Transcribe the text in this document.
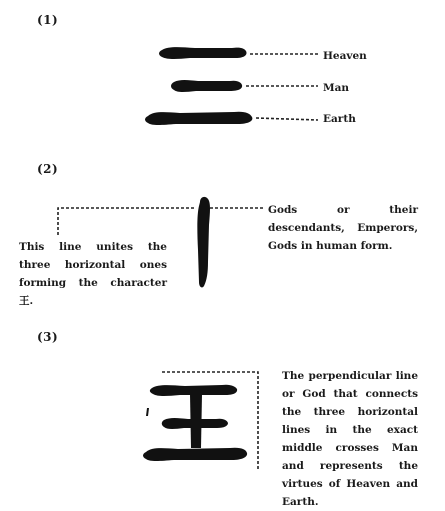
(1)
Heaven
Man
Earth
(2)
Gods or their descendants, Emperors, Gods in human form.
This line unites the three horizontal ones forming the character 王.
(3)
The perpendicular line or God that connects the three horizontal lines in the exact middle crosses Man and represents the virtues of Heaven and Earth.
